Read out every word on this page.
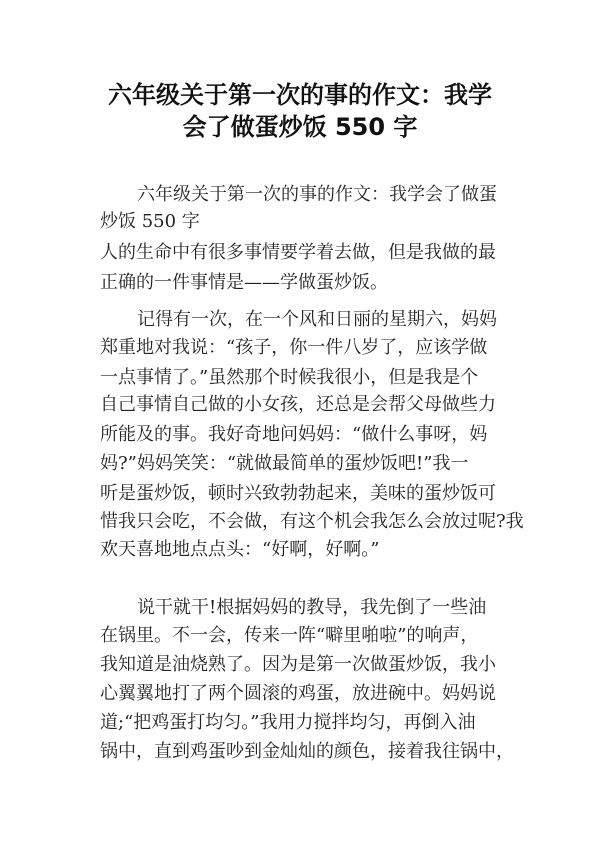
六年级关于第一次的事的作文：我学
会了做蛋炒饭 550 字
六年级关于第一次的事的作文：我学会了做蛋
炒饭 550 字
人的生命中有很多事情要学着去做，但是我做的最
正确的一件事情是——学做蛋炒饭。
记得有一次，在一个风和日丽的星期六，妈妈
郑重地对我说：“孩子，你一件八岁了，应该学做
一点事情了。”虽然那个时候我很小，但是我是个
自己事情自己做的小女孩，还总是会帮父母做些力
所能及的事。我好奇地问妈妈：“做什么事呀，妈
妈?”妈妈笑笑：“就做最简单的蛋炒饭吧!”我一
听是蛋炒饭，顿时兴致勃勃起来，美味的蛋炒饭可
惜我只会吃，不会做，有这个机会我怎么会放过呢?我
欢天喜地地点点头：“好啊，好啊。”
说干就干!根据妈妈的教导，我先倒了一些油
在锅里。不一会，传来一阵“噼里啪啦”的响声，
我知道是油烧熟了。因为是第一次做蛋炒饭，我小
心翼翼地打了两个圆滚的鸡蛋，放进碗中。妈妈说
道;“把鸡蛋打均匀。”我用力搅拌均匀，再倒入油
锅中，直到鸡蛋吵到金灿灿的颜色，接着我往锅中，
